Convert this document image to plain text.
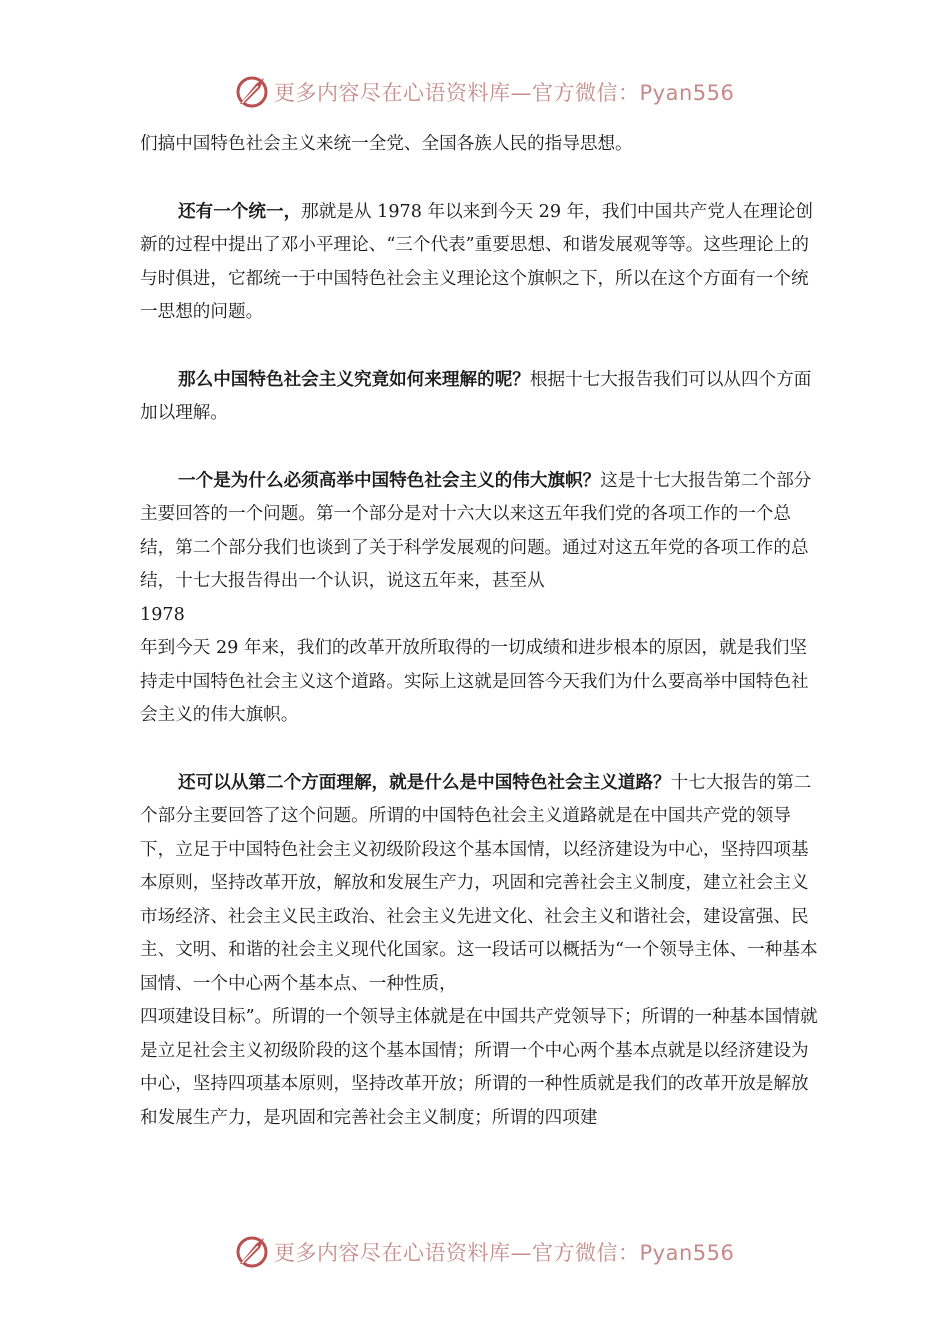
更多内容尽在心语资料库—官方微信：Pyan556

们搞中国特色社会主义来统一全党、全国各族人民的指导思想。

还有一个统一，那就是从 1978 年以来到今天 29 年，我们中国共产党人在理论创新的过程中提出了邓小平理论、“三个代表”重要思想、和谐发展观等等。这些理论上的与时俱进，它都统一于中国特色社会主义理论这个旗帜之下，所以在这个方面有一个统一思想的问题。

那么中国特色社会主义究竟如何来理解的呢？根据十七大报告我们可以从四个方面加以理解。

一个是为什么必须高举中国特色社会主义的伟大旗帜？这是十七大报告第二个部分主要回答的一个问题。第一个部分是对十六大以来这五年我们党的各项工作的一个总结，第二个部分我们也谈到了关于科学发展观的问题。通过对这五年党的各项工作的总结，十七大报告得出一个认识，说这五年来，甚至从

1978

年到今天 29 年来，我们的改革开放所取得的一切成绩和进步根本的原因，就是我们坚持走中国特色社会主义这个道路。实际上这就是回答今天我们为什么要高举中国特色社会主义的伟大旗帜。

还可以从第二个方面理解，就是什么是中国特色社会主义道路？十七大报告的第二个部分主要回答了这个问题。所谓的中国特色社会主义道路就是在中国共产党的领导下，立足于中国特色社会主义初级阶段这个基本国情，以经济建设为中心，坚持四项基本原则，坚持改革开放，解放和发展生产力，巩固和完善社会主义制度，建立社会主义市场经济、社会主义民主政治、社会主义先进文化、社会主义和谐社会，建设富强、民主、文明、和谐的社会主义现代化国家。这一段话可以概括为“一个领导主体、一种基本国情、一个中心两个基本点、一种性质，

四项建设目标”。所谓的一个领导主体就是在中国共产党领导下；所谓的一种基本国情就是立足社会主义初级阶段的这个基本国情；所谓一个中心两个基本点就是以经济建设为中心，坚持四项基本原则，坚持改革开放；所谓的一种性质就是我们的改革开放是解放和发展生产力，是巩固和完善社会主义制度；所谓的四项建

更多内容尽在心语资料库—官方微信：Pyan556
